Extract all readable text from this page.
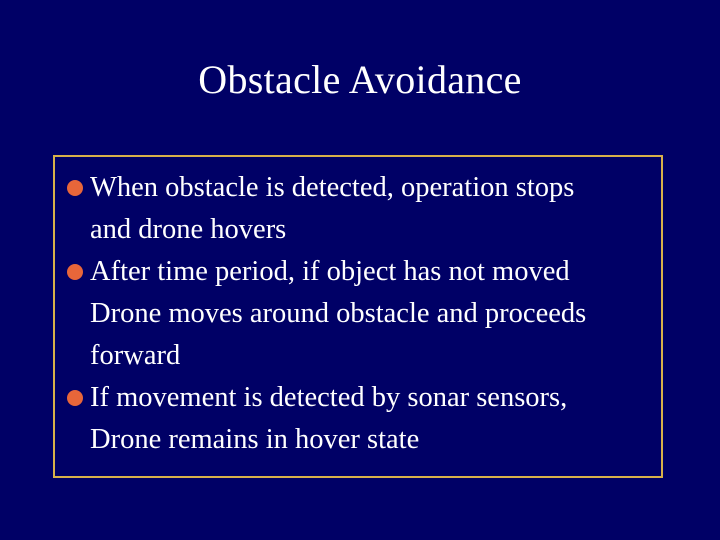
Obstacle Avoidance
When obstacle is detected, operation stops
and drone hovers
After time period, if object has not moved
Drone moves around obstacle and proceeds
forward
If movement is detected by sonar sensors,
Drone remains in hover state
